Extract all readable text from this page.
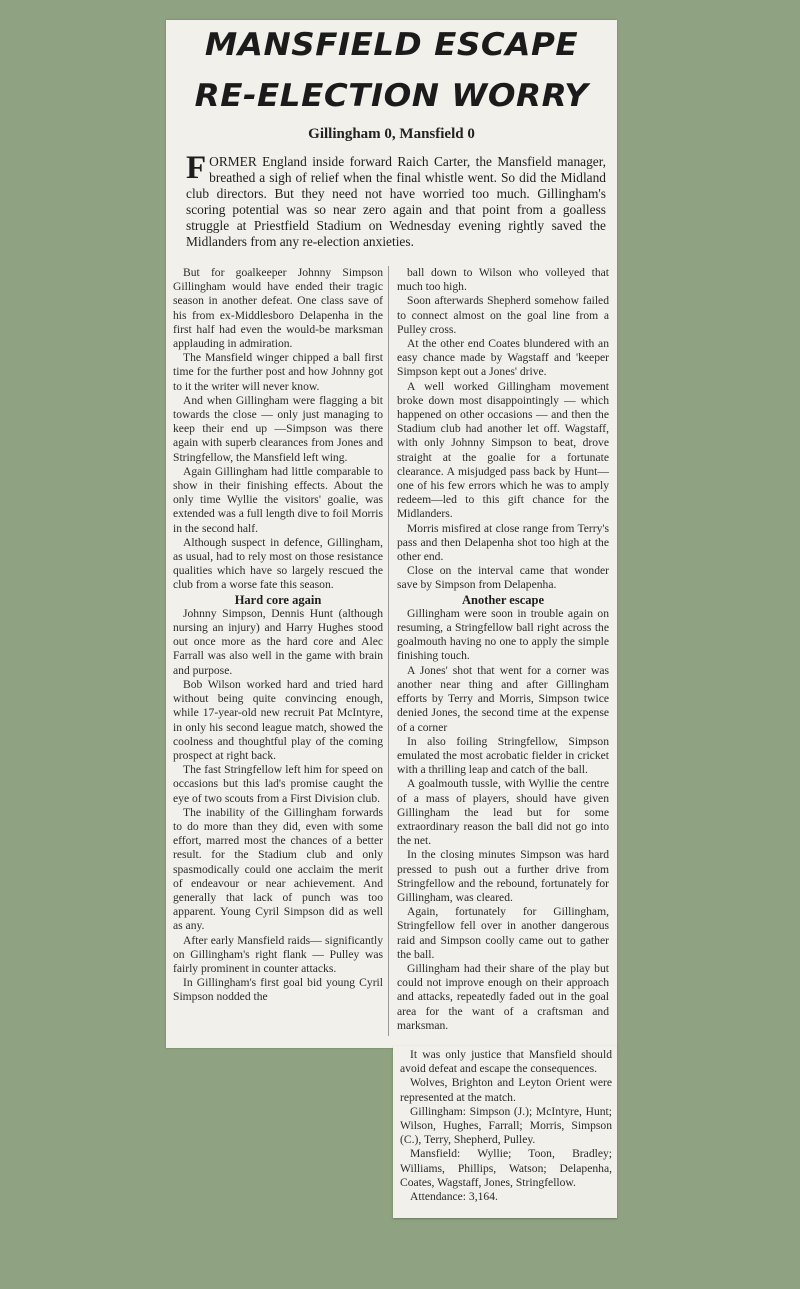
MANSFIELD ESCAPE
RE-ELECTION WORRY
Gillingham 0, Mansfield 0
FORMER England inside forward Raich Carter, the Mansfield manager, breathed a sigh of relief when the final whistle went. So did the Midland club directors. But they need not have worried too much. Gillingham's scoring potential was so near zero again and that point from a goalless struggle at Priestfield Stadium on Wednesday evening rightly saved the Midlanders from any re-election anxieties.

But for goalkeeper Johnny Simpson Gillingham would have ended their tragic season in another defeat. One class save of his from ex-Middlesboro Delapenha in the first half had even the would-be marksman applauding in admiration.

The Mansfield winger chipped a ball first time for the further post and how Johnny got to it the writer will never know.

And when Gillingham were flagging a bit towards the close — only just managing to keep their end up —Simpson was there again with superb clearances from Jones and Stringfellow, the Mansfield left wing.

Again Gillingham had little comparable to show in their finishing effects. About the only time Wyllie the visitors' goalie, was extended was a full length dive to foil Morris in the second half.

Although suspect in defence, Gillingham, as usual, had to rely most on those resistance qualities which have so largely rescued the club from a worse fate this season.

Hard core again

Johnny Simpson, Dennis Hunt (although nursing an injury) and Harry Hughes stood out once more as the hard core and Alec Farrall was also well in the game with brain and purpose.

Bob Wilson worked hard and tried hard without being quite convincing enough, while 17-year-old new recruit Pat McIntyre, in only his second league match, showed the coolness and thoughtful play of the coming prospect at right back.

The fast Stringfellow left him for speed on occasions but this lad's promise caught the eye of two scouts from a First Division club.

The inability of the Gillingham forwards to do more than they did, even with some effort, marred most the chances of a better result. for the Stadium club and only spasmodically could one acclaim the merit of endeavour or near achievement. And generally that lack of punch was too apparent. Young Cyril Simpson did as well as any.

After early Mansfield raids— significantly on Gillingham's right flank — Pulley was fairly prominent in counter attacks.

In Gillingham's first goal bid young Cyril Simpson nodded the

ball down to Wilson who volleyed that much too high.

Soon afterwards Shepherd somehow failed to connect almost on the goal line from a Pulley cross.

At the other end Coates blundered with an easy chance made by Wagstaff and 'keeper Simpson kept out a Jones' drive.

A well worked Gillingham movement broke down most disappointingly — which happened on other occasions — and then the Stadium club had another let off. Wagstaff, with only Johnny Simpson to beat, drove straight at the goalie for a fortunate clearance. A misjudged pass back by Hunt—one of his few errors which he was to amply redeem—led to this gift chance for the Midlanders.

Morris misfired at close range from Terry's pass and then Delapenha shot too high at the other end.

Close on the interval came that wonder save by Simpson from Delapenha.

Another escape

Gillingham were soon in trouble again on resuming, a Stringfellow ball right across the goalmouth having no one to apply the simple finishing touch.

A Jones' shot that went for a corner was another near thing and after Gillingham efforts by Terry and Morris, Simpson twice denied Jones, the second time at the expense of a corner

In also foiling Stringfellow, Simpson emulated the most acrobatic fielder in cricket with a thrilling leap and catch of the ball.

A goalmouth tussle, with Wyllie the centre of a mass of players, should have given Gillingham the lead but for some extraordinary reason the ball did not go into the net.

In the closing minutes Simpson was hard pressed to push out a further drive from Stringfellow and the rebound, fortunately for Gillingham, was cleared.

Again, fortunately for Gillingham, Stringfellow fell over in another dangerous raid and Simpson coolly came out to gather the ball.

Gillingham had their share of the play but could not improve enough on their approach and attacks, repeatedly faded out in the goal area for the want of a craftsman and marksman.

It was only justice that Mansfield should avoid defeat and escape the consequences.

Wolves, Brighton and Leyton Orient were represented at the match.

Gillingham: Simpson (J.); McIntyre, Hunt; Wilson, Hughes, Farrall; Morris, Simpson (C.), Terry, Shepherd, Pulley.

Mansfield: Wyllie; Toon, Bradley; Williams, Phillips, Watson; Delapenha, Coates, Wagstaff, Jones, Stringfellow.

Attendance: 3,164.
